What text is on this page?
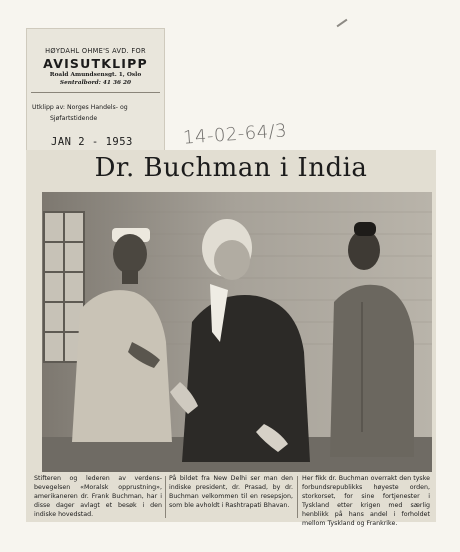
HØYDAHL OHME'S AVD. FOR
AVISUTKLIPP
Roald Amundsensgt. 1, Oslo
Sentralbord: 41 36 20
Utklipp av: Norges Handels- og
Sjøfartstidende
JAN 2 - 1953	14-02-64/3
Dr. Buchman i India
Stifteren og lederen av verdens-bevegelsen «Moralsk opprustning», amerikaneren dr. Frank Buchman, har i disse dager avlagt et besøk i den indiske hovedstad.
På bildet fra New Delhi ser man den indiske president, dr. Prasad, by dr. Buchman velkommen til en resepsjon, som ble avholdt i Rashtrapati Bhavan.
Her fikk dr. Buchman overrakt den tyske forbundsrepublikks høyeste orden, storkorset, for sine fortjenester i Tyskland etter krigen med særlig henblikk på hans andel i forholdet mellom Tyskland og Frankrike.
